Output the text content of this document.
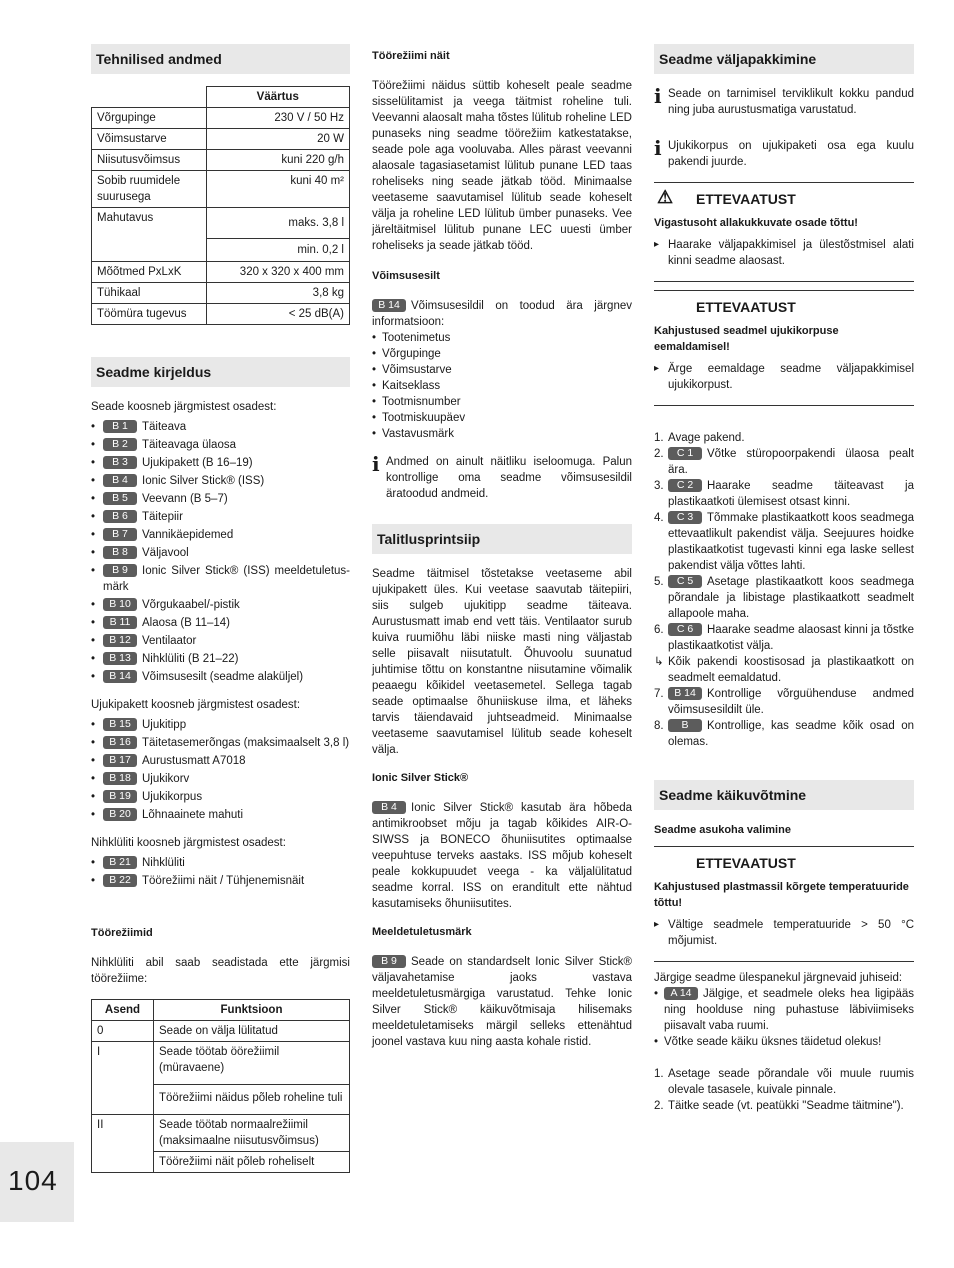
Tehnilised andmed
	Väärtus
Võrgupinge	230 V / 50 Hz
Võimsustarve	20 W
Niisutusvõimsus	kuni 220 g/h
Sobib ruumidele suurusega	kuni 40 m²
Mahutavus	maks. 3,8 l
	min. 0,2 l
Mõõtmed PxLxK	320 x 320 x 400 mm
Tühikaal	3,8 kg
Töömüra tugevus	< 25 dB(A)
Seadme kirjeldus

Seade koosneb järgmistest osadest:

• B 1 Täiteava
• B 2 Täiteavaga ülaosa
• B 3 Ujukipakett (B 16–19)
• B 4 Ionic Silver Stick® (ISS)
• B 5 Veevann (B 5–7)
• B 6 Täitepiir
• B 7 Vannikäepidemed
• B 8 Väljavool
• B 9 Ionic Silver Stick® (ISS) meeldetuletus-märk
• B 10 Võrgukaabel/-pistik
• B 11 Alaosa (B 11–14)
• B 12 Ventilaator
• B 13 Nihklüliti (B 21–22)
• B 14 Võimsusesilt (seadme alaküljel)

Ujukipakett koosneb järgmistest osadest:

• B 15 Ujukitipp
• B 16 Täitetasemerõngas (maksimaalselt 3,8 l)
• B 17 Aurustusmatt A7018
• B 18 Ujukikorv
• B 19 Ujukikorpus
• B 20 Lõhnaainete mahuti

Nihklüliti koosneb järgmistest osadest:

• B 21 Nihklüliti
• B 22 Töörežiimi näit / Tühjenemisnäit
Töörežiimid

Nihklüliti abil saab seadistada ette järgmisi töörežiime:

Asend	Funktsioon
0	Seade on välja lülitatud
I	Seade töötab öörežiimil (müravaene)
	Töörežiimi näidus põleb roheline tuli
II	Seade töötab normaalrežiimil (maksimaalne niisutusvõimsus)
	Töörežiimi näit põleb roheliselt
Töörežiimi näit

Töörežiimi näidus süttib koheselt peale seadme sisselülitamist ja veega täitmist roheline tuli. Veevanni alaosalt maha tõstes lülitub roheline LED punaseks ning seadme töörežiim katkestatakse, seade pole aga vooluvaba. Alles pärast veevanni alaosale tagasiasetamist lülitub punane LED taas roheliseks ning seade jätkab tööd. Minimaalse veetaseme saavutamisel lülitub seade koheselt välja ja roheline LED lülitub ümber punaseks. Vee järeltäitmisel lülitub punane LEC uuesti ümber roheliseks ja seade jätkab tööd.

Võimsusesilt

B 14 Võimsusesildil on toodud ära järgnev informatsioon:

• Tootenimetus
• Võrgupinge
• Võimsustarve
• Kaitseklass
• Tootmisnumber
• Tootmiskuupäev
• Vastavusmärk
i Andmed on ainult näitliku iseloomuga. Palun kontrollige oma seadme võimsusesildil äratoodud andmeid.
Talitlusprintsiip

Seadme täitmisel tõstetakse veetaseme abil ujukipakett üles. Kui veetase saavutab täitepiiri, siis sulgeb ujukitipp seadme täiteava. Aurustusmatt imab end vett täis. Ventilaator surub kuiva ruumiõhu läbi niiske masti ning väljastab selle piisavalt niisutatult. Õhuvoolu suunatud juhtimise tõttu on konstantne niisutamine võimalik peaaegu kõikidel veetasemetel. Sellega tagab seade optimaalse õhuniiskuse ilma, et läheks tarvis täiendavaid juhtseadmeid. Minimaalse veetaseme saavutamisel lülitub seade koheselt välja.

Ionic Silver Stick®

B 4 Ionic Silver Stick® kasutab ära hõbeda antimikroobset mõju ja tagab kõikides AIR-O-SIWSS ja BONECO õhuniisutites optimaalse veepuhtuse terveks aastaks. ISS mõjub koheselt peale kokkupuudet veega - ka väljalülitatud seadme korral. ISS on eranditult ette nähtud kasutamiseks õhuniisutites.

Meeldetuletusmärk

B 9 Seade on standardselt Ionic Silver Stick® väljavahetamise jaoks vastava meeldetuletusmärgiga varustatud. Tehke Ionic Silver Stick® käikuvõtmisaja hilisemaks meeldetuletamiseks märgil selleks ettenähtud joonel vastava kuu ning aasta kohale ristid.

Seadme väljapakkimine
i Seade on tarnimisel terviklikult kokku pandud ning juba aurustusmatiga varustatud.
i Ujukikorpus on ujukipaketi osa ega kuulu pakendi juurde.
⚠ ETTEVAATUST
Vigastusoht allakukkuvate osade tõttu!
▸ Haarake väljapakkimisel ja ülestõstmisel alati kinni seadme alaosast.
ETTEVAATUST
Kahjustused seadmel ujukikorpuse eemaldamisel!
▸ Ärge eemaldage seadme väljapakkimisel ujukikorpust.
1. Avage pakend.
2. C 1 Võtke stüropoorpakendi ülaosa pealt ära.
3. C 2 Haarake seadme täiteavast ja plastikaatkoti ülemisest otsast kinni.
4. C 3 Tõmmake plastikaatkott koos seadmega ettevaatlikult pakendist välja. Seejuures hoidke plastikaatkotist tugevasti kinni ega laske sellest pakendist välja võttes lahti.
5. C 5 Asetage plastikaatkott koos seadmega põrandale ja libistage plastikaatkott seadmelt allapoole maha.
6. C 6 Haarake seadme alaosast kinni ja tõstke plastikaatkotist välja.
↳ Kõik pakendi koostisosad ja plastikaatkott on seadmelt eemaldatud.
7. B 14 Kontrollige võrguühenduse andmed võimsusesildilt üle.
8. B Kontrollige, kas seadme kõik osad on olemas.
Seadme käikuvõtmine
Seadme asukoha valimine
ETTEVAATUST
Kahjustused plastmassil kõrgete temperatuuride tõttu!
▸ Vältige seadmele temperatuuride > 50 °C mõjumist.

Järgige seadme ülespanekul järgnevaid juhiseid:

• A 14 Jälgige, et seadmele oleks hea ligipääs ning hoolduse ning puhastuse läbiviimiseks piisavalt vaba ruumi.
• Võtke seade käiku üksnes täidetud olekus!
1. Asetage seade põrandale või muule ruumis olevale tasasele, kuivale pinnale.
2. Täitke seade (vt. peatükki "Seadme täitmine").
104
